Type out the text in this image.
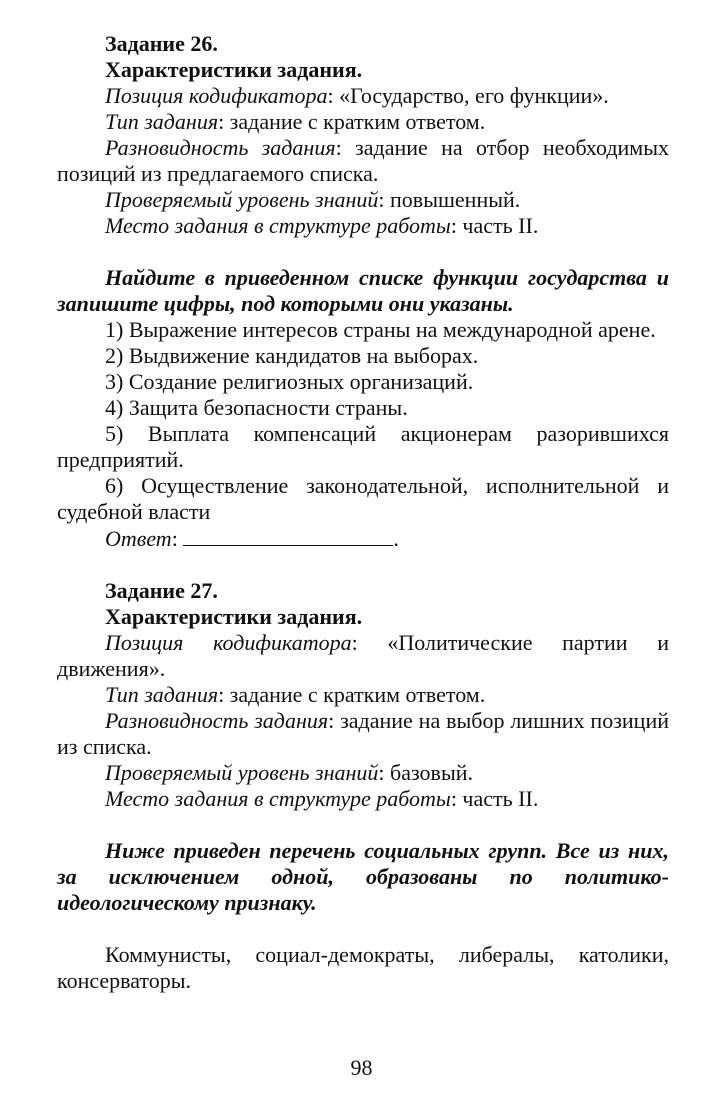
Задание 26.

Характеристики задания.

Позиция кодификатора: «Государство, его функции».

Тип задания: задание с кратким ответом.

Разновидность задания: задание на отбор необходимых позиций из предлагаемого списка.

Проверяемый уровень знаний: повышенный.

Место задания в структуре работы: часть II.

Найдите в приведенном списке функции государства и запишите цифры, под которыми они указаны.

1) Выражение интересов страны на международной арене.

2) Выдвижение кандидатов на выборах.

3) Создание религиозных организаций.

4) Защита безопасности страны.

5) Выплата компенсаций акционерам разорившихся предприятий.

6) Осуществление законодательной, исполнительной и судебной власти

Ответ:	.

Задание 27.

Характеристики задания.

Позиция кодификатора: «Политические партии и движения».

Тип задания: задание с кратким ответом.

Разновидность задания: задание на выбор лишних позиций из списка.

Проверяемый уровень знаний: базовый.

Место задания в структуре работы: часть II.

Ниже приведен перечень социальных групп. Все из них, за исключением одной, образованы по политико-идеологическому признаку.

Коммунисты, социал-демократы, либералы, католики, консерваторы.

98
